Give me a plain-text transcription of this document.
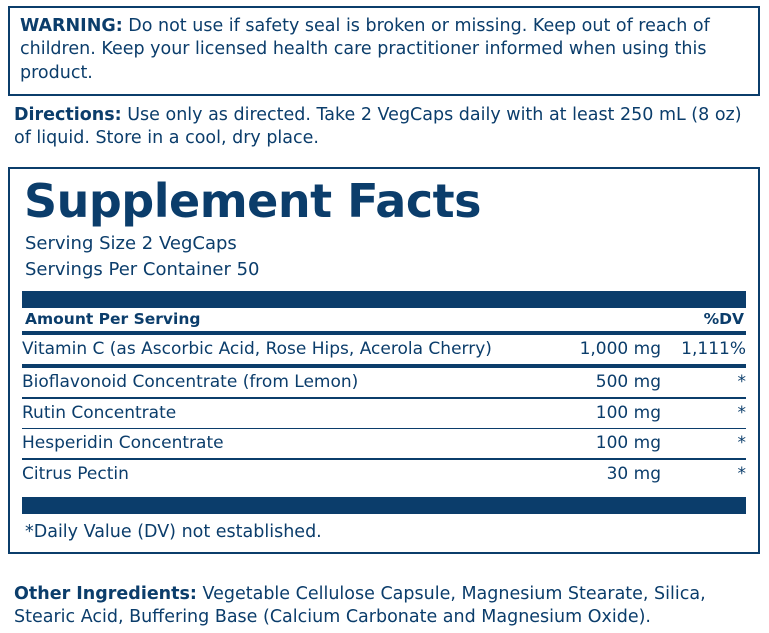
WARNING: Do not use if safety seal is broken or missing. Keep out of reach of children. Keep your licensed health care practitioner informed when using this product.
Directions: Use only as directed. Take 2 VegCaps daily with at least 250 mL (8 oz) of liquid. Store in a cool, dry place.
Supplement Facts
Serving Size 2 VegCaps
Servings Per Container 50
Amount Per Serving	%DV
Vitamin C (as Ascorbic Acid, Rose Hips, Acerola Cherry)	1,000 mg	1,111%

Bioflavonoid Concentrate (from Lemon)	500 mg	*

Rutin Concentrate	100 mg	*

Hesperidin Concentrate	100 mg	*

Citrus Pectin	30 mg	*
*Daily Value (DV) not established.
Other Ingredients: Vegetable Cellulose Capsule, Magnesium Stearate, Silica, Stearic Acid, Buffering Base (Calcium Carbonate and Magnesium Oxide).
